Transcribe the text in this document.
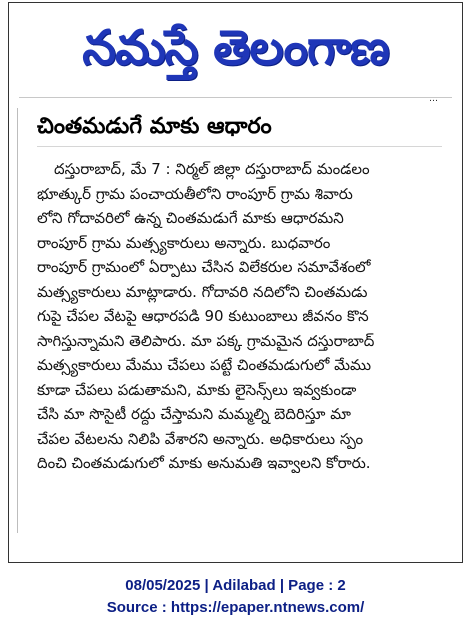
నమస్తే తెలంగాణ
…
చింతమడుగే మాకు ఆధారం
దస్తురాబాద్, మే 7 : నిర్మల్ జిల్లా దస్తురాబాద్ మండలం
భూత్కుర్ గ్రామ పంచాయతీలోని రాంపూర్ గ్రామ శివారు
లోని గోదావరిలో ఉన్న చింతమడుగే మాకు ఆధారమని
రాంపూర్ గ్రామ మత్స్యకారులు అన్నారు. బుధవారం
రాంపూర్ గ్రామంలో ఏర్పాటు చేసిన విలేకరుల సమావేశంలో
మత్స్యకారులు మాట్లాడారు. గోదావరి నదిలోని చింతమడు
గుపై చేపల వేటపై ఆధారపడి 90 కుటుంబాలు జీవనం కొన
సాగిస్తున్నామని తెలిపారు. మా పక్క గ్రామమైన దస్తురాబాద్
మత్స్యకారులు మేము చేపలు పట్టే చింతమడుగులో మేము
కూడా చేపలు పడుతామని, మాకు లైసెన్స్‌లు ఇవ్వకుండా
చేసి మా సొసైటీ రద్దు చేస్తామని మమ్మల్ని బెదిరిస్తూ మా
చేపల వేటలను నిలిపి వేశారని అన్నారు. అధికారులు స్పం
దించి చింతమడుగులో మాకు అనుమతి ఇవ్వాలని కోరారు.
08/05/2025 | Adilabad | Page : 2
Source : https://epaper.ntnews.com/
